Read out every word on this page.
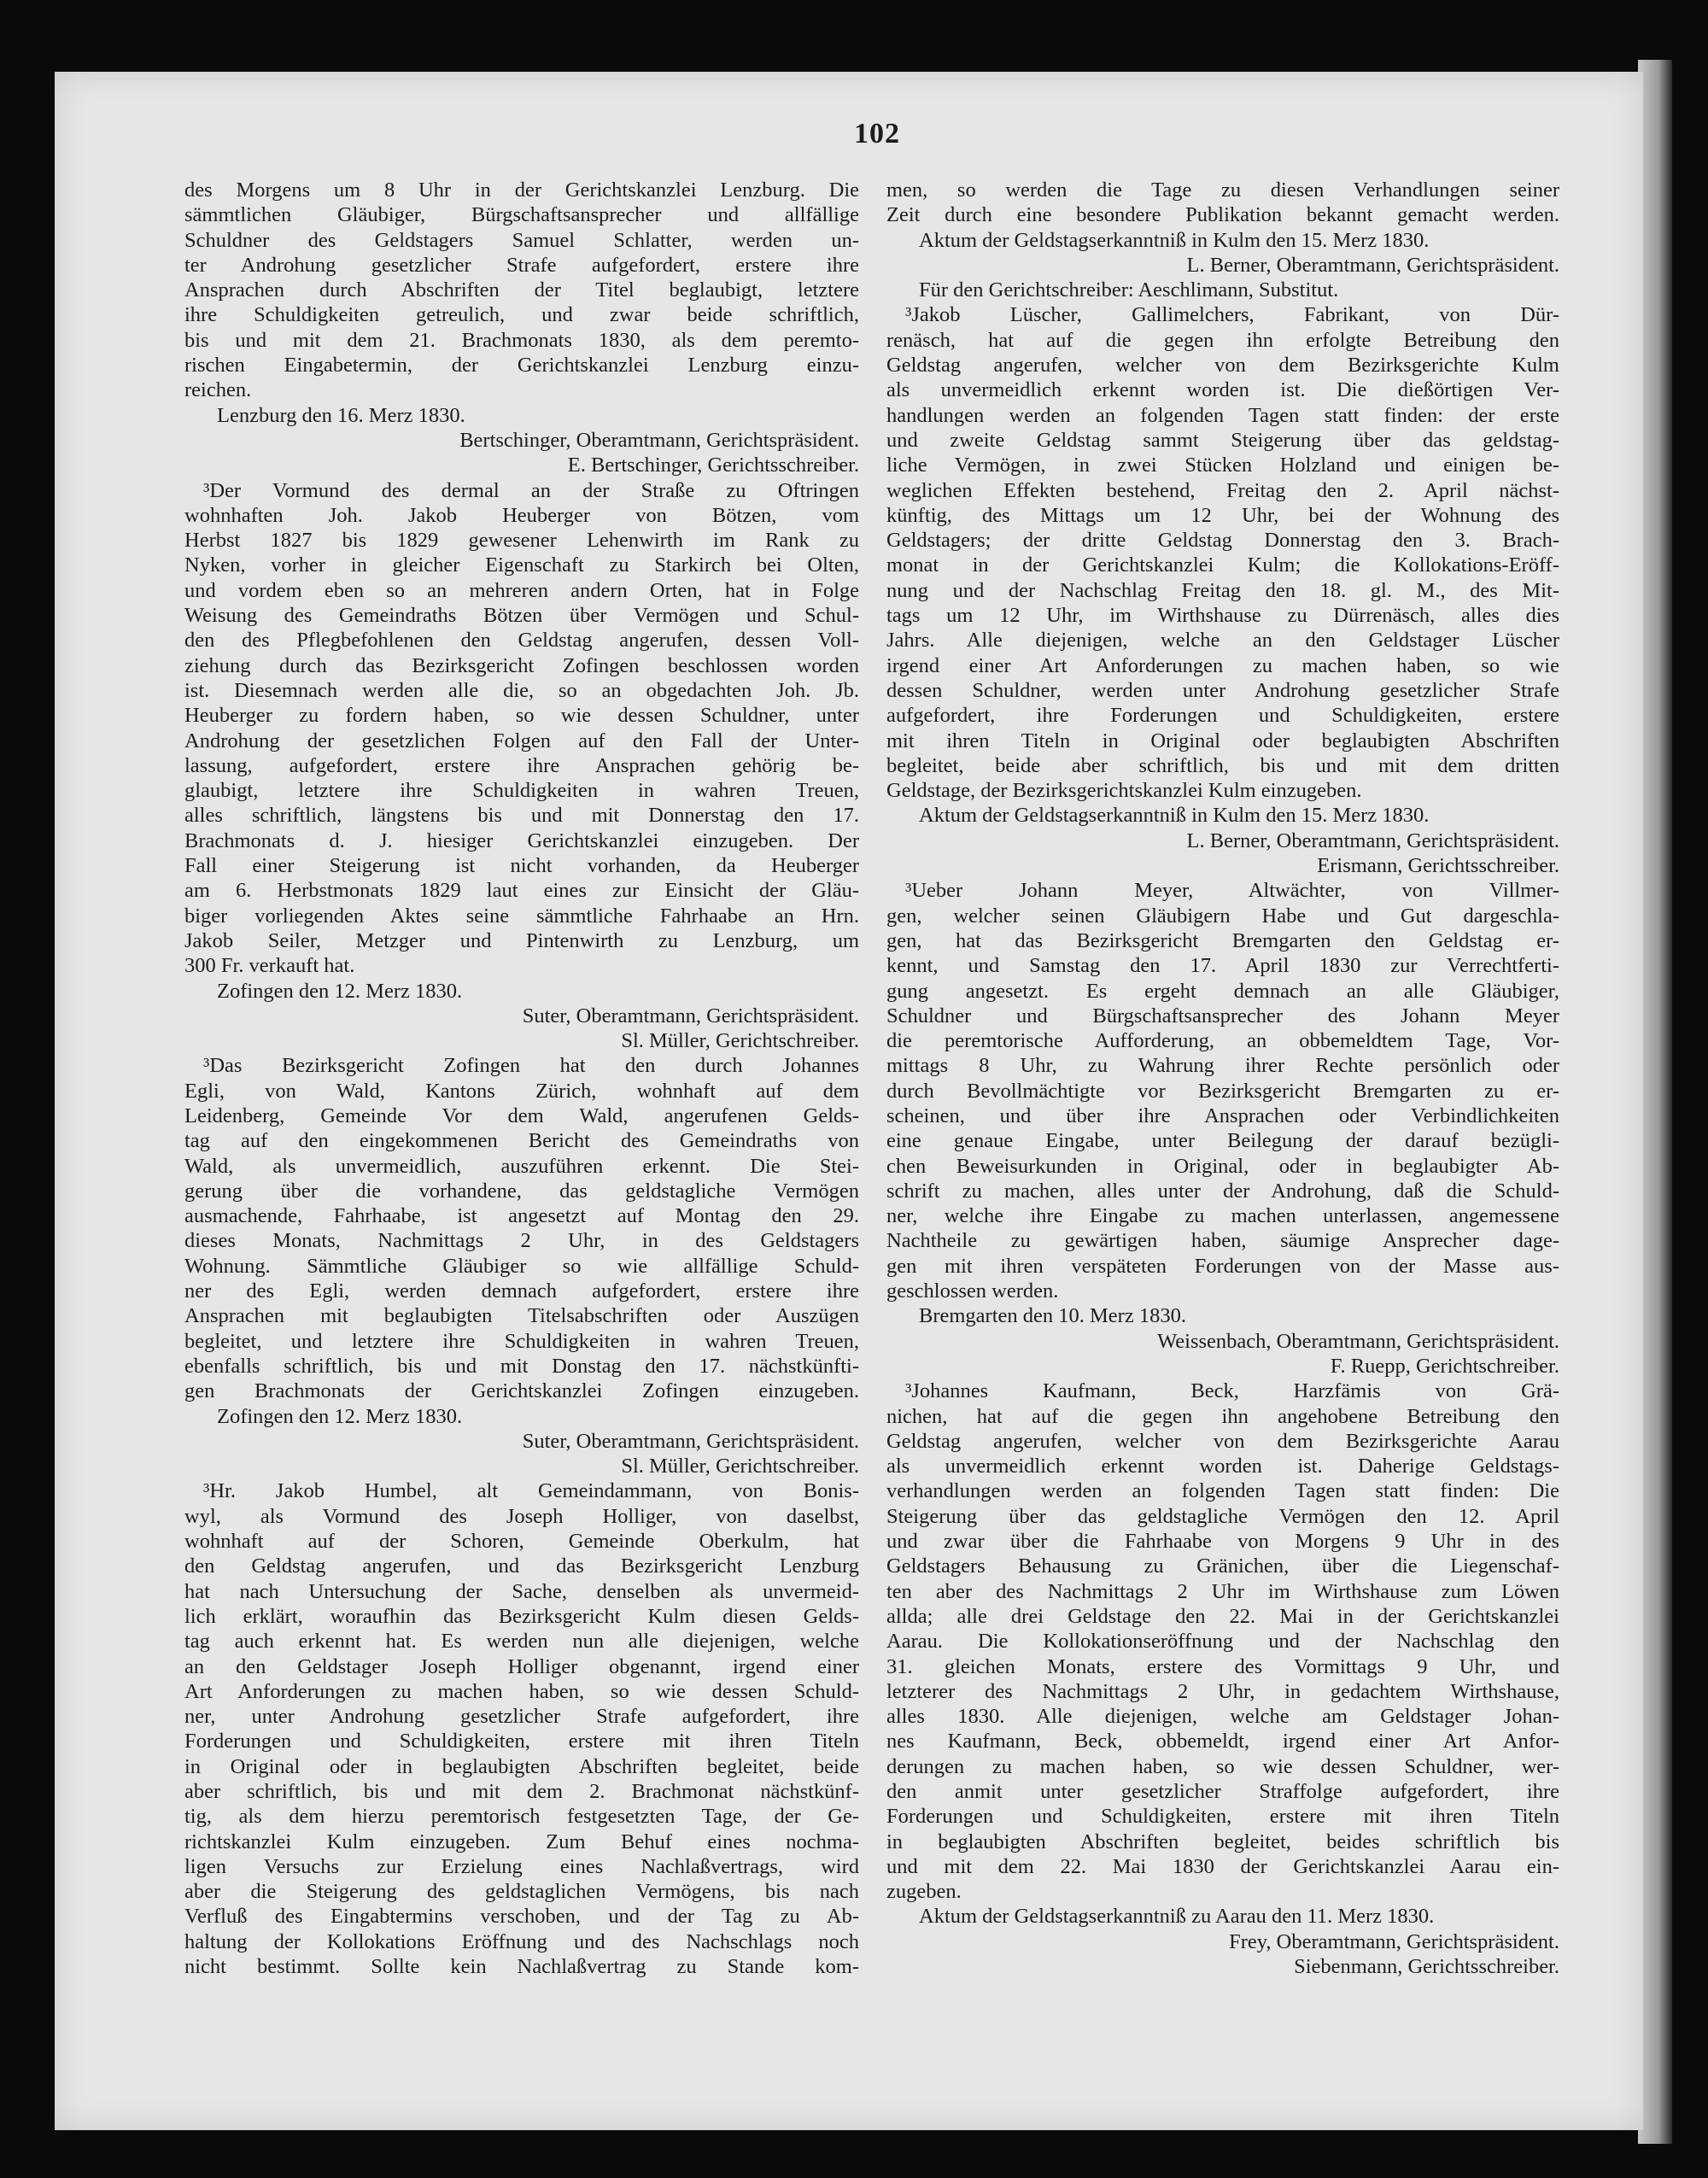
102
des Morgens um 8 Uhr in der Gerichtskanzlei Lenzburg. Die
sämmtlichen Gläubiger, Bürgschaftsansprecher und allfällige
Schuldner des Geldstagers Samuel Schlatter, werden un-
ter Androhung gesetzlicher Strafe aufgefordert, erstere ihre
Ansprachen durch Abschriften der Titel beglaubigt, letztere
ihre Schuldigkeiten getreulich, und zwar beide schriftlich,
bis und mit dem 21. Brachmonats 1830, als dem peremto-
rischen Eingabetermin, der Gerichtskanzlei Lenzburg einzu-
reichen.
Lenzburg den 16. Merz 1830.
Bertschinger, Oberamtmann, Gerichtspräsident.
E. Bertschinger, Gerichtsschreiber.
³Der Vormund des dermal an der Straße zu Oftringen
wohnhaften Joh. Jakob Heuberger von Bötzen, vom
Herbst 1827 bis 1829 gewesener Lehenwirth im Rank zu
Nyken, vorher in gleicher Eigenschaft zu Starkirch bei Olten,
und vordem eben so an mehreren andern Orten, hat in Folge
Weisung des Gemeindraths Bötzen über Vermögen und Schul-
den des Pflegbefohlenen den Geldstag angerufen, dessen Voll-
ziehung durch das Bezirksgericht Zofingen beschlossen worden
ist. Diesemnach werden alle die, so an obgedachten Joh. Jb.
Heuberger zu fordern haben, so wie dessen Schuldner, unter
Androhung der gesetzlichen Folgen auf den Fall der Unter-
lassung, aufgefordert, erstere ihre Ansprachen gehörig be-
glaubigt, letztere ihre Schuldigkeiten in wahren Treuen,
alles schriftlich, längstens bis und mit Donnerstag den 17.
Brachmonats d. J. hiesiger Gerichtskanzlei einzugeben. Der
Fall einer Steigerung ist nicht vorhanden, da Heuberger
am 6. Herbstmonats 1829 laut eines zur Einsicht der Gläu-
biger vorliegenden Aktes seine sämmtliche Fahrhaabe an Hrn.
Jakob Seiler, Metzger und Pintenwirth zu Lenzburg, um
300 Fr. verkauft hat.
Zofingen den 12. Merz 1830.
Suter, Oberamtmann, Gerichtspräsident.
Sl. Müller, Gerichtschreiber.
³Das Bezirksgericht Zofingen hat den durch Johannes
Egli, von Wald, Kantons Zürich, wohnhaft auf dem
Leidenberg, Gemeinde Vor dem Wald, angerufenen Gelds-
tag auf den eingekommenen Bericht des Gemeindraths von
Wald, als unvermeidlich, auszuführen erkennt. Die Stei-
gerung über die vorhandene, das geldstagliche Vermögen
ausmachende, Fahrhaabe, ist angesetzt auf Montag den 29.
dieses Monats, Nachmittags 2 Uhr, in des Geldstagers
Wohnung. Sämmtliche Gläubiger so wie allfällige Schuld-
ner des Egli, werden demnach aufgefordert, erstere ihre
Ansprachen mit beglaubigten Titelsabschriften oder Auszügen
begleitet, und letztere ihre Schuldigkeiten in wahren Treuen,
ebenfalls schriftlich, bis und mit Donstag den 17. nächstkünfti-
gen Brachmonats der Gerichtskanzlei Zofingen einzugeben.
Zofingen den 12. Merz 1830.
Suter, Oberamtmann, Gerichtspräsident.
Sl. Müller, Gerichtschreiber.
³Hr. Jakob Humbel, alt Gemeindammann, von Bonis-
wyl, als Vormund des Joseph Holliger, von daselbst,
wohnhaft auf der Schoren, Gemeinde Oberkulm, hat
den Geldstag angerufen, und das Bezirksgericht Lenzburg
hat nach Untersuchung der Sache, denselben als unvermeid-
lich erklärt, woraufhin das Bezirksgericht Kulm diesen Gelds-
tag auch erkennt hat. Es werden nun alle diejenigen, welche
an den Geldstager Joseph Holliger obgenannt, irgend einer
Art Anforderungen zu machen haben, so wie dessen Schuld-
ner, unter Androhung gesetzlicher Strafe aufgefordert, ihre
Forderungen und Schuldigkeiten, erstere mit ihren Titeln
in Original oder in beglaubigten Abschriften begleitet, beide
aber schriftlich, bis und mit dem 2. Brachmonat nächstkünf-
tig, als dem hierzu peremtorisch festgesetzten Tage, der Ge-
richtskanzlei Kulm einzugeben. Zum Behuf eines nochma-
ligen Versuchs zur Erzielung eines Nachlaßvertrags, wird
aber die Steigerung des geldstaglichen Vermögens, bis nach
Verfluß des Eingabtermins verschoben, und der Tag zu Ab-
haltung der Kollokations Eröffnung und des Nachschlags noch
nicht bestimmt. Sollte kein Nachlaßvertrag zu Stande kom-
men, so werden die Tage zu diesen Verhandlungen seiner
Zeit durch eine besondere Publikation bekannt gemacht werden.
Aktum der Geldstagserkanntniß in Kulm den 15. Merz 1830.
L. Berner, Oberamtmann, Gerichtspräsident.
Für den Gerichtschreiber: Aeschlimann, Substitut.
³Jakob Lüscher, Gallimelchers, Fabrikant, von Dür-
renäsch, hat auf die gegen ihn erfolgte Betreibung den
Geldstag angerufen, welcher von dem Bezirksgerichte Kulm
als unvermeidlich erkennt worden ist. Die dießörtigen Ver-
handlungen werden an folgenden Tagen statt finden: der erste
und zweite Geldstag sammt Steigerung über das geldstag-
liche Vermögen, in zwei Stücken Holzland und einigen be-
weglichen Effekten bestehend, Freitag den 2. April nächst-
künftig, des Mittags um 12 Uhr, bei der Wohnung des
Geldstagers; der dritte Geldstag Donnerstag den 3. Brach-
monat in der Gerichtskanzlei Kulm; die Kollokations-Eröff-
nung und der Nachschlag Freitag den 18. gl. M., des Mit-
tags um 12 Uhr, im Wirthshause zu Dürrenäsch, alles dies
Jahrs. Alle diejenigen, welche an den Geldstager Lüscher
irgend einer Art Anforderungen zu machen haben, so wie
dessen Schuldner, werden unter Androhung gesetzlicher Strafe
aufgefordert, ihre Forderungen und Schuldigkeiten, erstere
mit ihren Titeln in Original oder beglaubigten Abschriften
begleitet, beide aber schriftlich, bis und mit dem dritten
Geldstage, der Bezirksgerichtskanzlei Kulm einzugeben.
Aktum der Geldstagserkanntniß in Kulm den 15. Merz 1830.
L. Berner, Oberamtmann, Gerichtspräsident.
Erismann, Gerichtsschreiber.
³Ueber Johann Meyer, Altwächter, von Villmer-
gen, welcher seinen Gläubigern Habe und Gut dargeschla-
gen, hat das Bezirksgericht Bremgarten den Geldstag er-
kennt, und Samstag den 17. April 1830 zur Verrechtferti-
gung angesetzt. Es ergeht demnach an alle Gläubiger,
Schuldner und Bürgschaftsansprecher des Johann Meyer
die peremtorische Aufforderung, an obbemeldtem Tage, Vor-
mittags 8 Uhr, zu Wahrung ihrer Rechte persönlich oder
durch Bevollmächtigte vor Bezirksgericht Bremgarten zu er-
scheinen, und über ihre Ansprachen oder Verbindlichkeiten
eine genaue Eingabe, unter Beilegung der darauf bezügli-
chen Beweisurkunden in Original, oder in beglaubigter Ab-
schrift zu machen, alles unter der Androhung, daß die Schuld-
ner, welche ihre Eingabe zu machen unterlassen, angemessene
Nachtheile zu gewärtigen haben, säumige Ansprecher dage-
gen mit ihren verspäteten Forderungen von der Masse aus-
geschlossen werden.
Bremgarten den 10. Merz 1830.
Weissenbach, Oberamtmann, Gerichtspräsident.
F. Ruepp, Gerichtschreiber.
³Johannes Kaufmann, Beck, Harzfämis von Grä-
nichen, hat auf die gegen ihn angehobene Betreibung den
Geldstag angerufen, welcher von dem Bezirksgerichte Aarau
als unvermeidlich erkennt worden ist. Daherige Geldstags-
verhandlungen werden an folgenden Tagen statt finden: Die
Steigerung über das geldstagliche Vermögen den 12. April
und zwar über die Fahrhaabe von Morgens 9 Uhr in des
Geldstagers Behausung zu Gränichen, über die Liegenschaf-
ten aber des Nachmittags 2 Uhr im Wirthshause zum Löwen
allda; alle drei Geldstage den 22. Mai in der Gerichtskanzlei
Aarau. Die Kollokationseröffnung und der Nachschlag den
31. gleichen Monats, erstere des Vormittags 9 Uhr, und
letzterer des Nachmittags 2 Uhr, in gedachtem Wirthshause,
alles 1830. Alle diejenigen, welche am Geldstager Johan-
nes Kaufmann, Beck, obbemeldt, irgend einer Art Anfor-
derungen zu machen haben, so wie dessen Schuldner, wer-
den anmit unter gesetzlicher Straffolge aufgefordert, ihre
Forderungen und Schuldigkeiten, erstere mit ihren Titeln
in beglaubigten Abschriften begleitet, beides schriftlich bis
und mit dem 22. Mai 1830 der Gerichtskanzlei Aarau ein-
zugeben.
Aktum der Geldstagserkanntniß zu Aarau den 11. Merz 1830.
Frey, Oberamtmann, Gerichtspräsident.
Siebenmann, Gerichtsschreiber.
